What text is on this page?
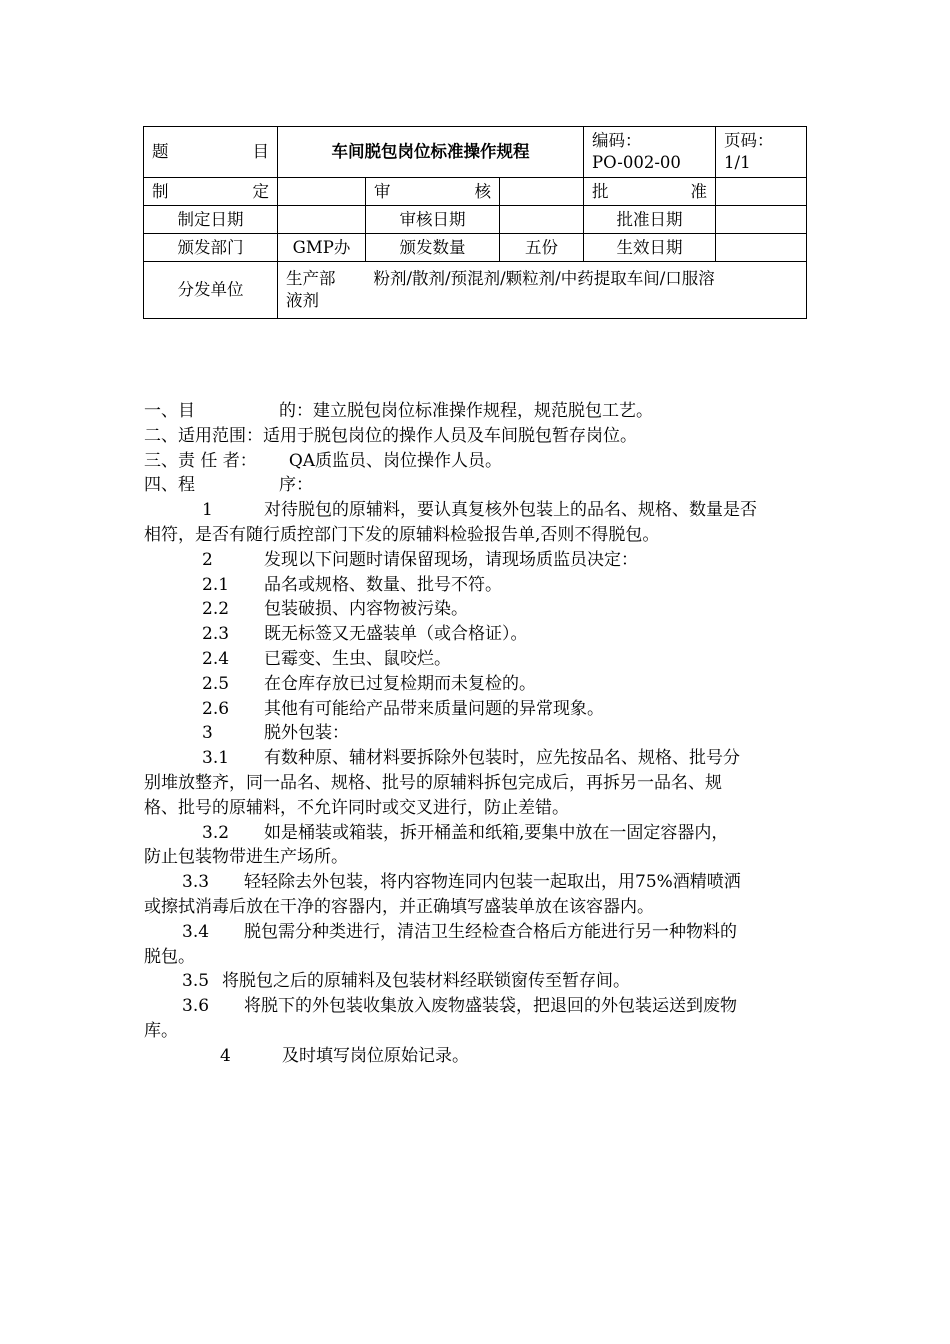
题 目	车间脱包岗位标准操作规程			编码：
PO-002-00	页码：
1/1

制 定		审 核		批 准	

制定日期		审核日期		批准日期	
颁发部门	GMP办	颁发数量	五份	生效日期	
分发单位	生产部 粉剂/散剂/预混剂/颗粒剂/中药提取车间/口服溶
液剂				

一、目	的：建立脱包岗位标准操作规程，规范脱包工艺。

二、适用范围：适用于脱包岗位的操作人员及车间脱包暂存岗位。

三、责 任 者： QA质监员、岗位操作人员。

四、程	序：

1	对待脱包的原辅料，要认真复核外包装上的品名、规格、数量是否

相符，是否有随行质控部门下发的原辅料检验报告单,否则不得脱包。

2	发现以下问题时请保留现场，请现场质监员决定：

2.1 品名或规格、数量、批号不符。

2.2 包装破损、内容物被污染。

2.3 既无标签又无盛装单（或合格证）。

2.4 已霉变、生虫、鼠咬烂。

2.5 在仓库存放已过复检期而未复检的。

2.6 其他有可能给产品带来质量问题的异常现象。

3	脱外包装：

3.1 有数种原、辅材料要拆除外包装时，应先按品名、规格、批号分

别堆放整齐，同一品名、规格、批号的原辅料拆包完成后，再拆另一品名、规

格、批号的原辅料，不允许同时或交叉进行，防止差错。

3.2 如是桶装或箱装，拆开桶盖和纸箱,要集中放在一固定容器内，

防止包装物带进生产场所。

3.3 轻轻除去外包装，将内容物连同内包装一起取出，用75%酒精喷洒

或擦拭消毒后放在干净的容器内，并正确填写盛装单放在该容器内。

3.4 脱包需分种类进行，清洁卫生经检查合格后方能进行另一种物料的

脱包。

3.5 将脱包之后的原辅料及包装材料经联锁窗传至暂存间。

3.6 将脱下的外包装收集放入废物盛装袋，把退回的外包装运送到废物

库。

4	及时填写岗位原始记录。
